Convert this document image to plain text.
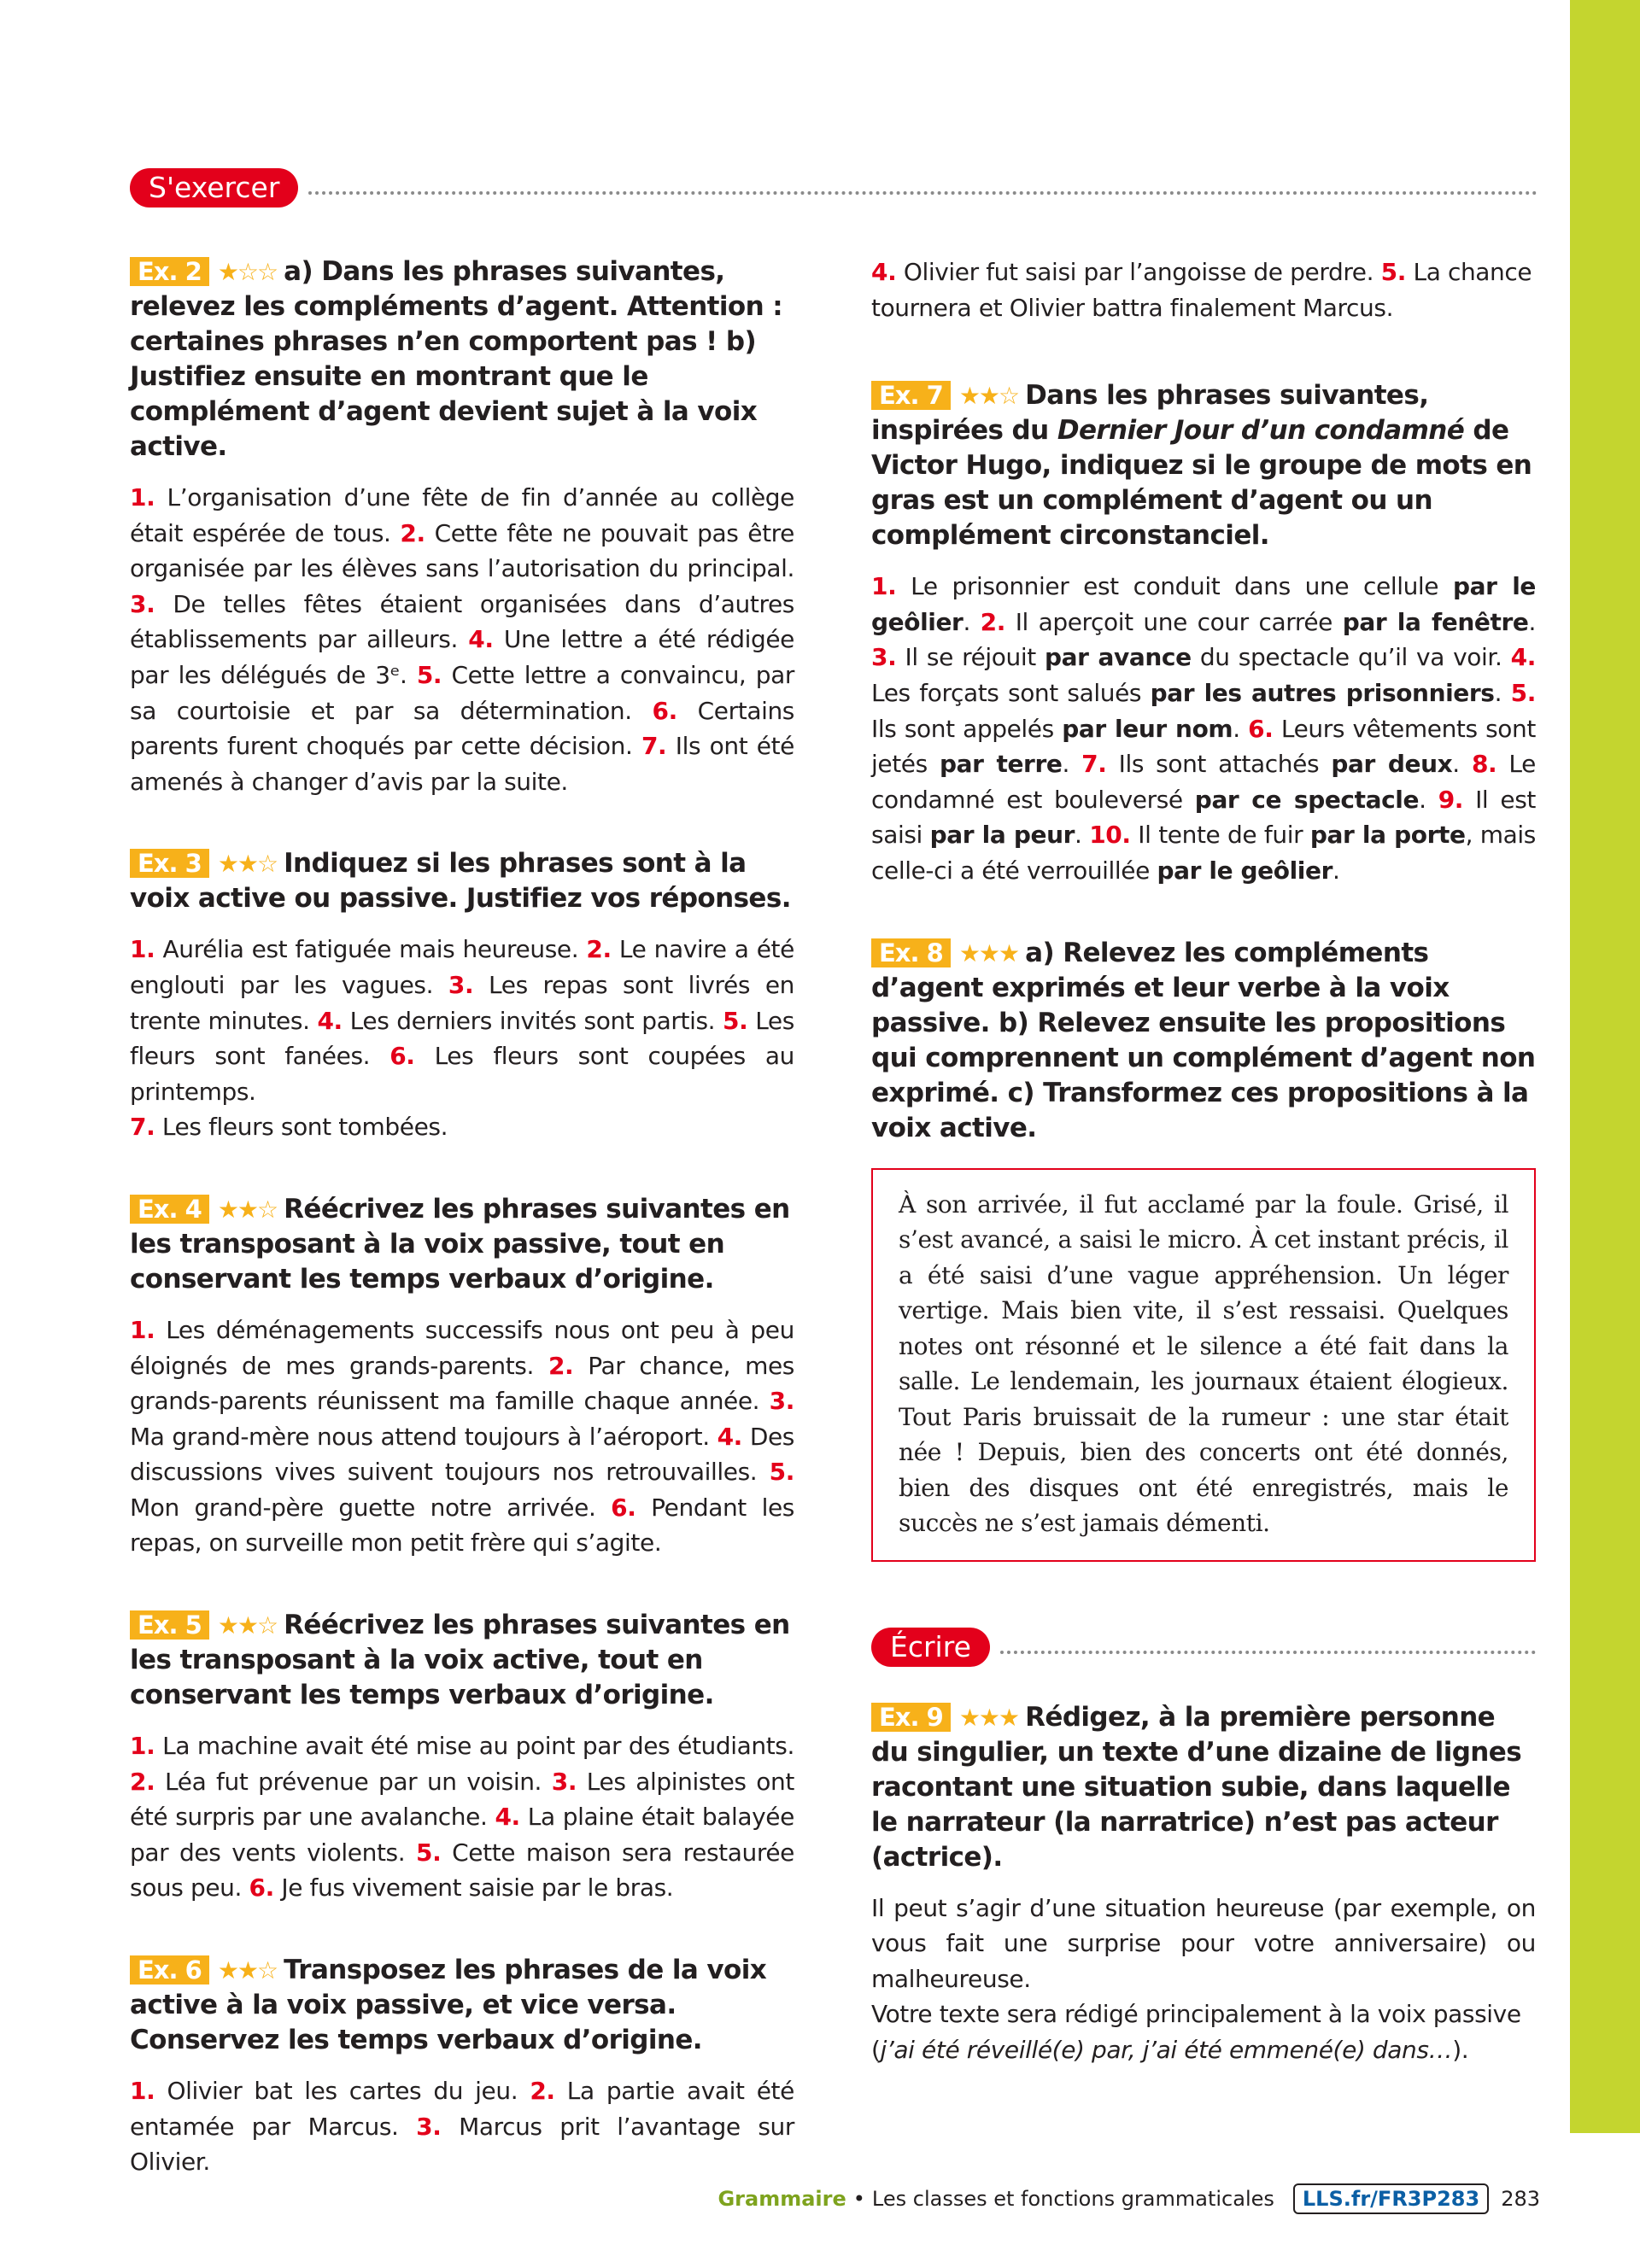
S'exercer
Ex. 2 ★☆☆ a) Dans les phrases suivantes, relevez les compléments d’agent. Attention : certaines phrases n’en comportent pas ! b) Justifiez ensuite en montrant que le complément d’agent devient sujet à la voix active.
1. L’organisation d’une fête de fin d’année au collège était espérée de tous. 2. Cette fête ne pouvait pas être organisée par les élèves sans l’autorisation du principal. 3. De telles fêtes étaient organisées dans d’autres établissements par ailleurs. 4. Une lettre a été rédigée par les délégués de 3ᵉ. 5. Cette lettre a convaincu, par sa courtoisie et par sa détermination. 6. Certains parents furent choqués par cette décision. 7. Ils ont été amenés à changer d’avis par la suite.
Ex. 3 ★★☆ Indiquez si les phrases sont à la voix active ou passive. Justifiez vos réponses.
1. Aurélia est fatiguée mais heureuse. 2. Le navire a été englouti par les vagues. 3. Les repas sont livrés en trente minutes. 4. Les derniers invités sont partis. 5. Les fleurs sont fanées. 6. Les fleurs sont coupées au printemps.
7. Les fleurs sont tombées.
Ex. 4 ★★☆ Réécrivez les phrases suivantes en les transposant à la voix passive, tout en conservant les temps verbaux d’origine.
1. Les déménagements successifs nous ont peu à peu éloignés de mes grands-parents. 2. Par chance, mes grands-parents réunissent ma famille chaque année. 3. Ma grand-mère nous attend toujours à l’aéroport. 4. Des discussions vives suivent toujours nos retrouvailles. 5. Mon grand-père guette notre arrivée. 6. Pendant les repas, on surveille mon petit frère qui s’agite.
Ex. 5 ★★☆ Réécrivez les phrases suivantes en les transposant à la voix active, tout en conservant les temps verbaux d’origine.
1. La machine avait été mise au point par des étudiants. 2. Léa fut prévenue par un voisin. 3. Les alpinistes ont été surpris par une avalanche. 4. La plaine était balayée par des vents violents. 5. Cette maison sera restaurée sous peu. 6. Je fus vivement saisie par le bras.
Ex. 6 ★★☆ Transposez les phrases de la voix active à la voix passive, et vice versa. Conservez les temps verbaux d’origine.
1. Olivier bat les cartes du jeu. 2. La partie avait été entamée par Marcus. 3. Marcus prit l’avantage sur Olivier.
4. Olivier fut saisi par l’angoisse de perdre. 5. La chance tournera et Olivier battra finalement Marcus.
Ex. 7 ★★☆ Dans les phrases suivantes, inspirées du Dernier Jour d’un condamné de Victor Hugo, indiquez si le groupe de mots en gras est un complément d’agent ou un complément circonstanciel.
1. Le prisonnier est conduit dans une cellule par le geôlier. 2. Il aperçoit une cour carrée par la fenêtre. 3. Il se réjouit par avance du spectacle qu’il va voir. 4. Les forçats sont salués par les autres prisonniers. 5. Ils sont appelés par leur nom. 6. Leurs vêtements sont jetés par terre. 7. Ils sont attachés par deux. 8. Le condamné est bouleversé par ce spectacle. 9. Il est saisi par la peur. 10. Il tente de fuir par la porte, mais celle-ci a été verrouillée par le geôlier.
Ex. 8 ★★★ a) Relevez les compléments d’agent exprimés et leur verbe à la voix passive. b) Relevez ensuite les propositions qui comprennent un complément d’agent non exprimé. c) Transformez ces propositions à la voix active.
À son arrivée, il fut acclamé par la foule. Grisé, il s’est avancé, a saisi le micro. À cet instant précis, il a été saisi d’une vague appréhension. Un léger vertige. Mais bien vite, il s’est ressaisi. Quelques notes ont résonné et le silence a été fait dans la salle. Le lendemain, les journaux étaient élogieux. Tout Paris bruissait de la rumeur : une star était née ! Depuis, bien des concerts ont été donnés, bien des disques ont été enregistrés, mais le succès ne s’est jamais démenti.
Écrire
Ex. 9 ★★★ Rédigez, à la première personne du singulier, un texte d’une dizaine de lignes racontant une situation subie, dans laquelle le narrateur (la narratrice) n’est pas acteur (actrice).

Il peut s’agir d’une situation heureuse (par exemple, on vous fait une surprise pour votre anniversaire) ou malheureuse.

Votre texte sera rédigé principalement à la voix passive (j’ai été réveillé(e) par, j’ai été emmené(e) dans…).

Grammaire • Les classes et fonctions grammaticales	LLS.fr/FR3P283	283
